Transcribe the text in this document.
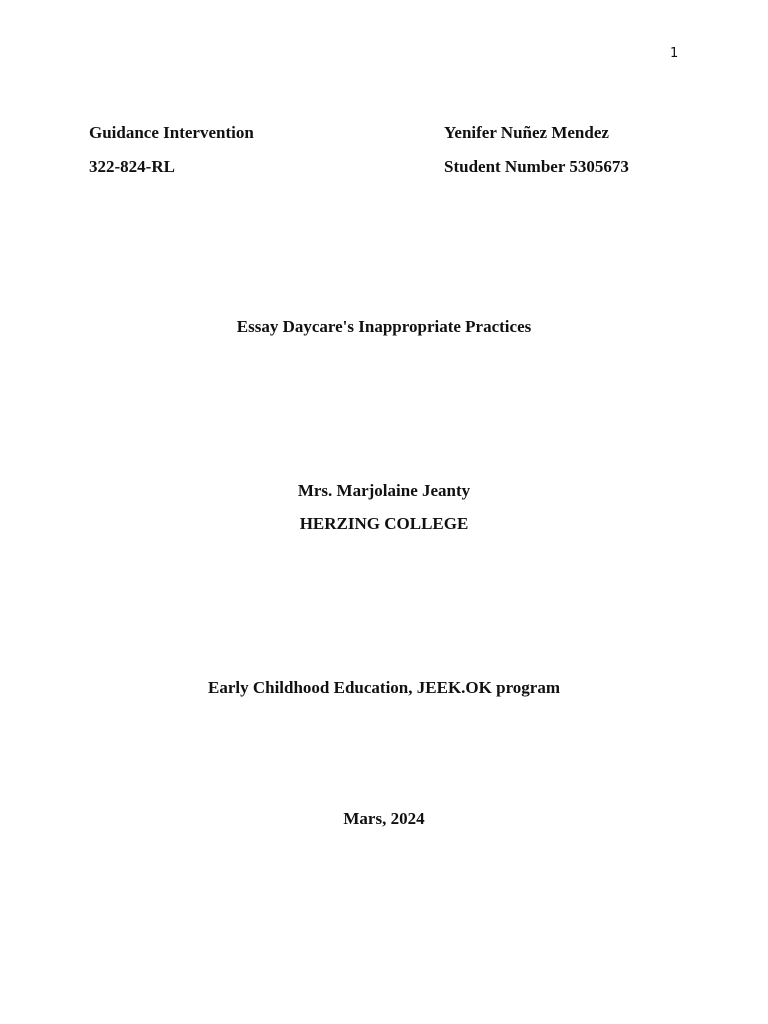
1
Guidance Intervention
322-824-RL
Yenifer Nuñez Mendez
Student Number 5305673
Essay Daycare's Inappropriate Practices
Mrs. Marjolaine Jeanty
HERZING COLLEGE
Early Childhood Education, JEEK.OK program
Mars, 2024
